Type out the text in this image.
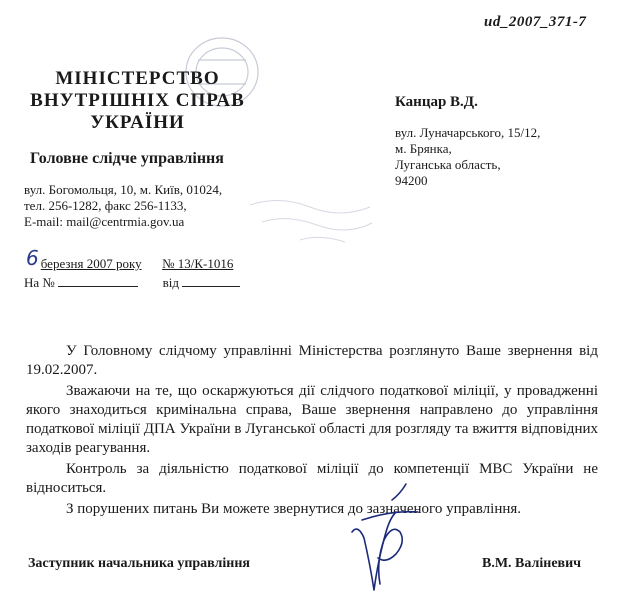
ud_2007_371-7
МІНІСТЕРСТВО
ВНУТРІШНІХ СПРАВ
УКРАЇНИ
Головне слідче управління
вул. Богомольця, 10, м. Київ, 01024,
тел. 256-1282, факс 256-1133,
E-mail: mail@centrmia.gov.ua
6 березня 2007 року № 13/К-1016
На №	від
Канцар В.Д.
вул. Луначарського, 15/12,
м. Брянка,
Луганська область,
94200

У Головному слідчому управлінні Міністерства розглянуто Ваше звернення від 19.02.2007.

Зважаючи на те, що оскаржуються дії слідчого податкової міліції, у провадженні якого знаходиться кримінальна справа, Ваше звернення направлено до управління податкової міліції ДПА України в Луганської області для розгляду та вжиття відповідних заходів реагування.

Контроль за діяльністю податкової міліції до компетенції МВС України не відноситься.

З порушених питань Ви можете звернутися до зазначеного управління.

Заступник начальника управління	В.М. Валіневич
